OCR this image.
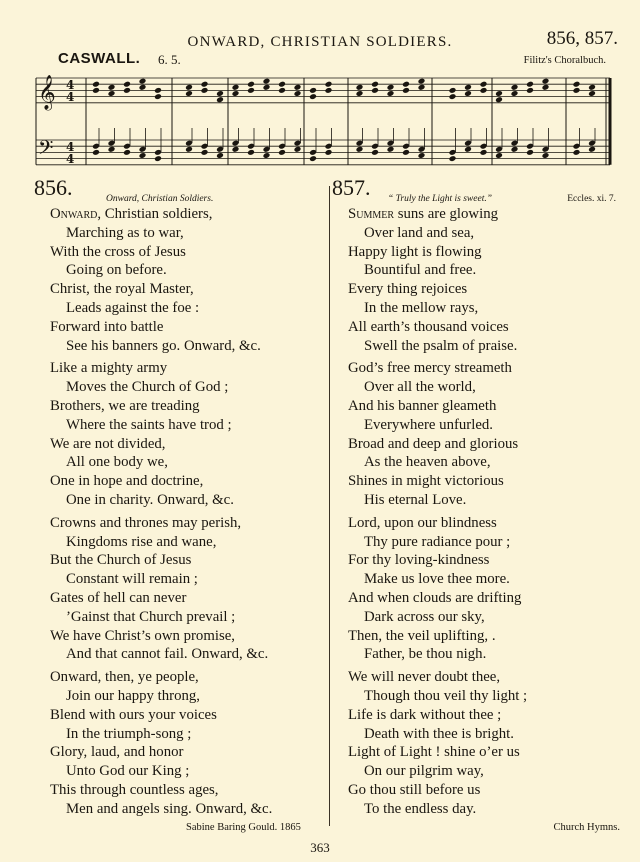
ONWARD, CHRISTIAN SOLDIERS.	856, 857.
CASWALL. 6. 5.	Filitz's Choralbuch.
𝄞
𝄢
4
4
4
4
856.	Onward, Christian Soldiers.
Onward, Christian soldiers,
Marching as to war,
With the cross of Jesus
Going on before.
Christ, the royal Master,
Leads against the foe :
Forward into battle
See his banners go. Onward, &c.
Like a mighty army
Moves the Church of God ;
Brothers, we are treading
Where the saints have trod ;
We are not divided,
All one body we,
One in hope and doctrine,
One in charity. Onward, &c.
Crowns and thrones may perish,
Kingdoms rise and wane,
But the Church of Jesus
Constant will remain ;
Gates of hell can never
’Gainst that Church prevail ;
We have Christ’s own promise,
And that cannot fail. Onward, &c.
Onward, then, ye people,
Join our happy throng,
Blend with ours your voices
In the triumph-song ;
Glory, laud, and honor
Unto God our King ;
This through countless ages,
Men and angels sing. Onward, &c.
857. “ Truly the Light is sweet.”	Eccles. xi. 7.
Summer suns are glowing
Over land and sea,
Happy light is flowing
Bountiful and free.
Every thing rejoices
In the mellow rays,
All earth’s thousand voices
Swell the psalm of praise.
God’s free mercy streameth
Over all the world,
And his banner gleameth
Everywhere unfurled.
Broad and deep and glorious
As the heaven above,
Shines in might victorious
His eternal Love.
Lord, upon our blindness
Thy pure radiance pour ;
For thy loving-kindness
Make us love thee more.
And when clouds are drifting
Dark across our sky,
Then, the veil uplifting, .
Father, be thou nigh.
We will never doubt thee,
Though thou veil thy light ;
Life is dark without thee ;
Death with thee is bright.
Light of Light ! shine o’er us
On our pilgrim way,
Go thou still before us
To the endless day.
Sabine Baring Gould. 1865	Church Hymns.
363
